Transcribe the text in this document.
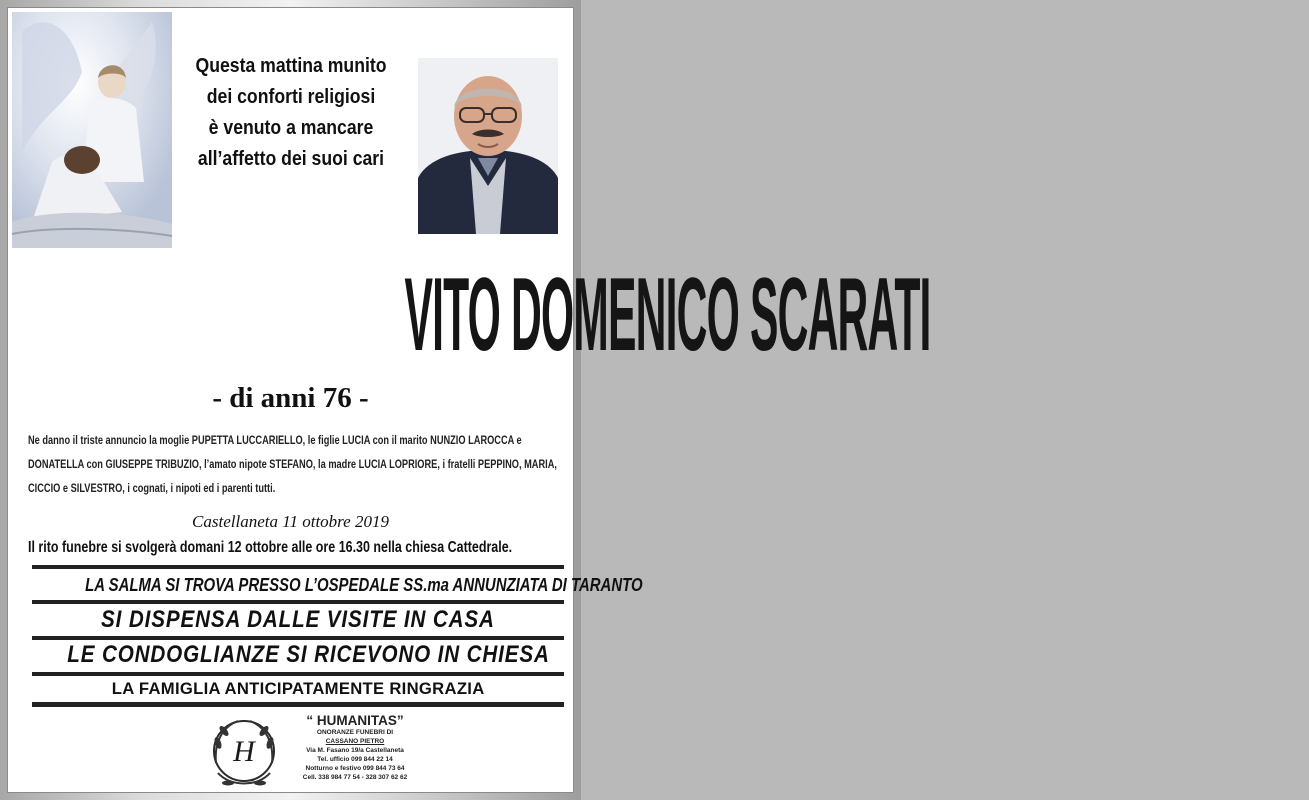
Questa mattina munito
dei conforti religiosi
è venuto a mancare
all’affetto dei suoi cari
VITO DOMENICO SCARATI
- di anni 76 -
Ne danno il triste annuncio la moglie PUPETTA LUCCARIELLO, le figlie LUCIA con il marito NUNZIO LAROCCA e DONATELLA con GIUSEPPE TRIBUZIO, l’amato nipote STEFANO, la madre LUCIA LOPRIORE, i fratelli PEPPINO, MARIA, CICCIO e SILVESTRO, i cognati, i nipoti ed i parenti tutti.
Castellaneta 11 ottobre 2019
Il rito funebre si svolgerà domani 12 ottobre alle ore 16.30 nella chiesa Cattedrale.
LA SALMA SI TROVA PRESSO L’OSPEDALE SS.ma ANNUNZIATA DI TARANTO
SI DISPENSA DALLE VISITE IN CASA
LE CONDOGLIANZE SI RICEVONO IN CHIESA
LA FAMIGLIA ANTICIPATAMENTE RINGRAZIA
H
“ HUMANITAS”
ONORANZE FUNEBRI DI
CASSANO PIETRO
Via M. Fasano 19/a Castellaneta
Tel. ufficio 099 844 22 14
Notturno e festivo 099 844 73 64
Cell. 338 984 77 54 - 328 307 62 62
